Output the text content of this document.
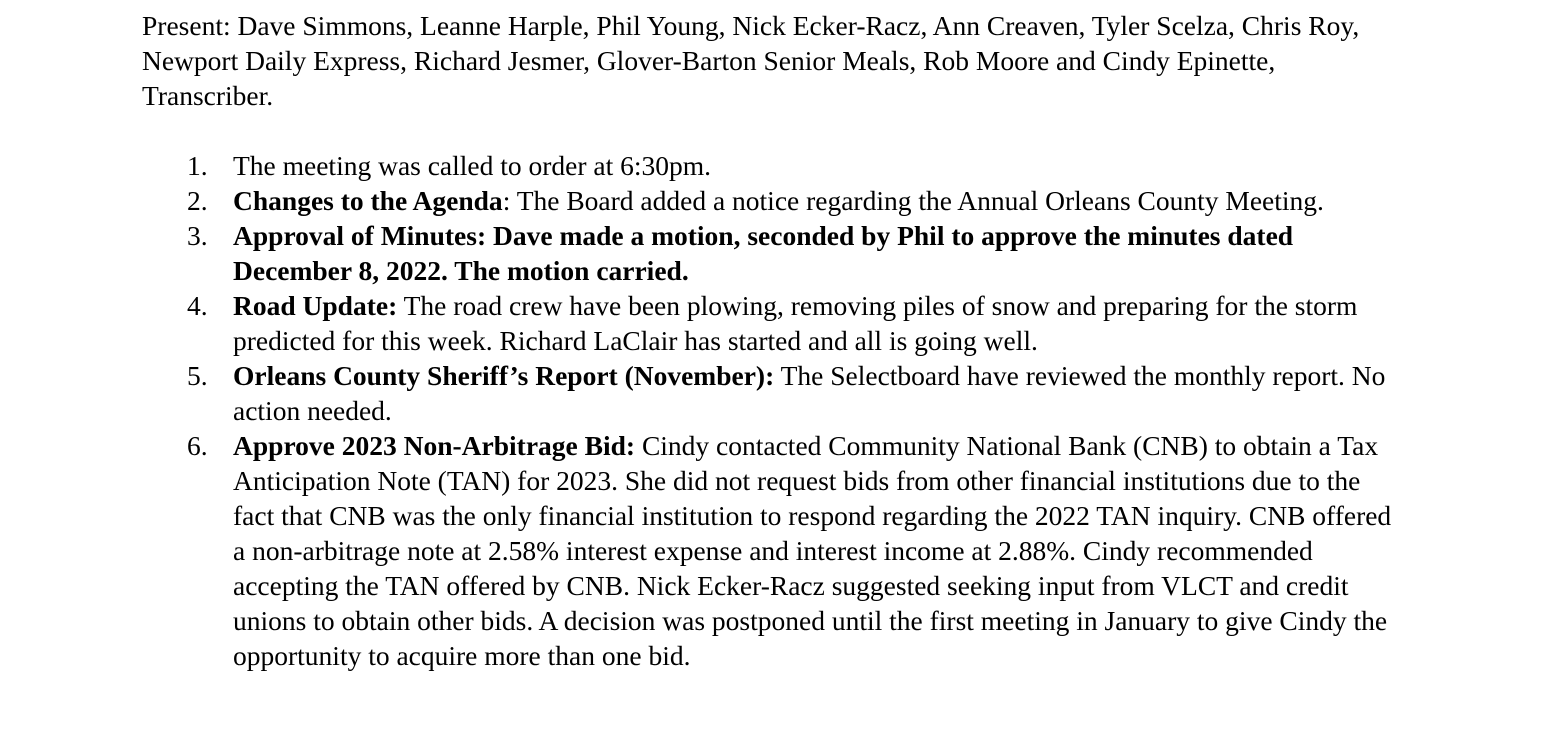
Present: Dave Simmons, Leanne Harple, Phil Young, Nick Ecker-Racz, Ann Creaven, Tyler Scelza, Chris Roy, Newport Daily Express, Richard Jesmer, Glover-Barton Senior Meals, Rob Moore and Cindy Epinette, Transcriber.

1. The meeting was called to order at 6:30pm.
2. Changes to the Agenda: The Board added a notice regarding the Annual Orleans County Meeting.
3. Approval of Minutes: Dave made a motion, seconded by Phil to approve the minutes dated December 8, 2022. The motion carried.
4. Road Update: The road crew have been plowing, removing piles of snow and preparing for the storm predicted for this week. Richard LaClair has started and all is going well.
5. Orleans County Sheriff’s Report (November): The Selectboard have reviewed the monthly report. No action needed.
6. Approve 2023 Non-Arbitrage Bid: Cindy contacted Community National Bank (CNB) to obtain a Tax Anticipation Note (TAN) for 2023. She did not request bids from other financial institutions due to the fact that CNB was the only financial institution to respond regarding the 2022 TAN inquiry. CNB offered a non-arbitrage note at 2.58% interest expense and interest income at 2.88%. Cindy recommended accepting the TAN offered by CNB. Nick Ecker-Racz suggested seeking input from VLCT and credit unions to obtain other bids. A decision was postponed until the first meeting in January to give Cindy the opportunity to acquire more than one bid.
